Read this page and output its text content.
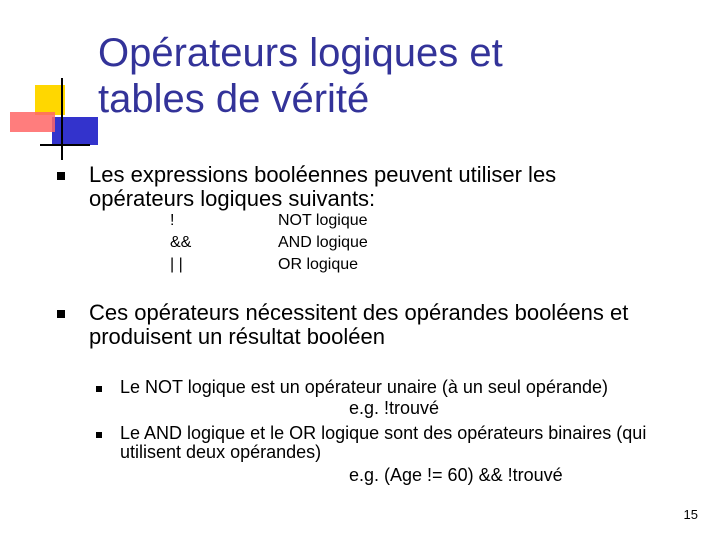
Opérateurs logiques et
tables de vérité
Les expressions booléennes peuvent utiliser les
opérateurs logiques suivants:
!	NOT logique
&&	AND logique
| |	OR logique
Ces opérateurs nécessitent des opérandes booléens et
produisent un résultat booléen
Le NOT logique est un opérateur unaire (à un seul opérande)
e.g. !trouvé
Le AND logique et le OR logique sont des opérateurs binaires (qui
utilisent deux opérandes)
e.g. (Age != 60) && !trouvé
15
